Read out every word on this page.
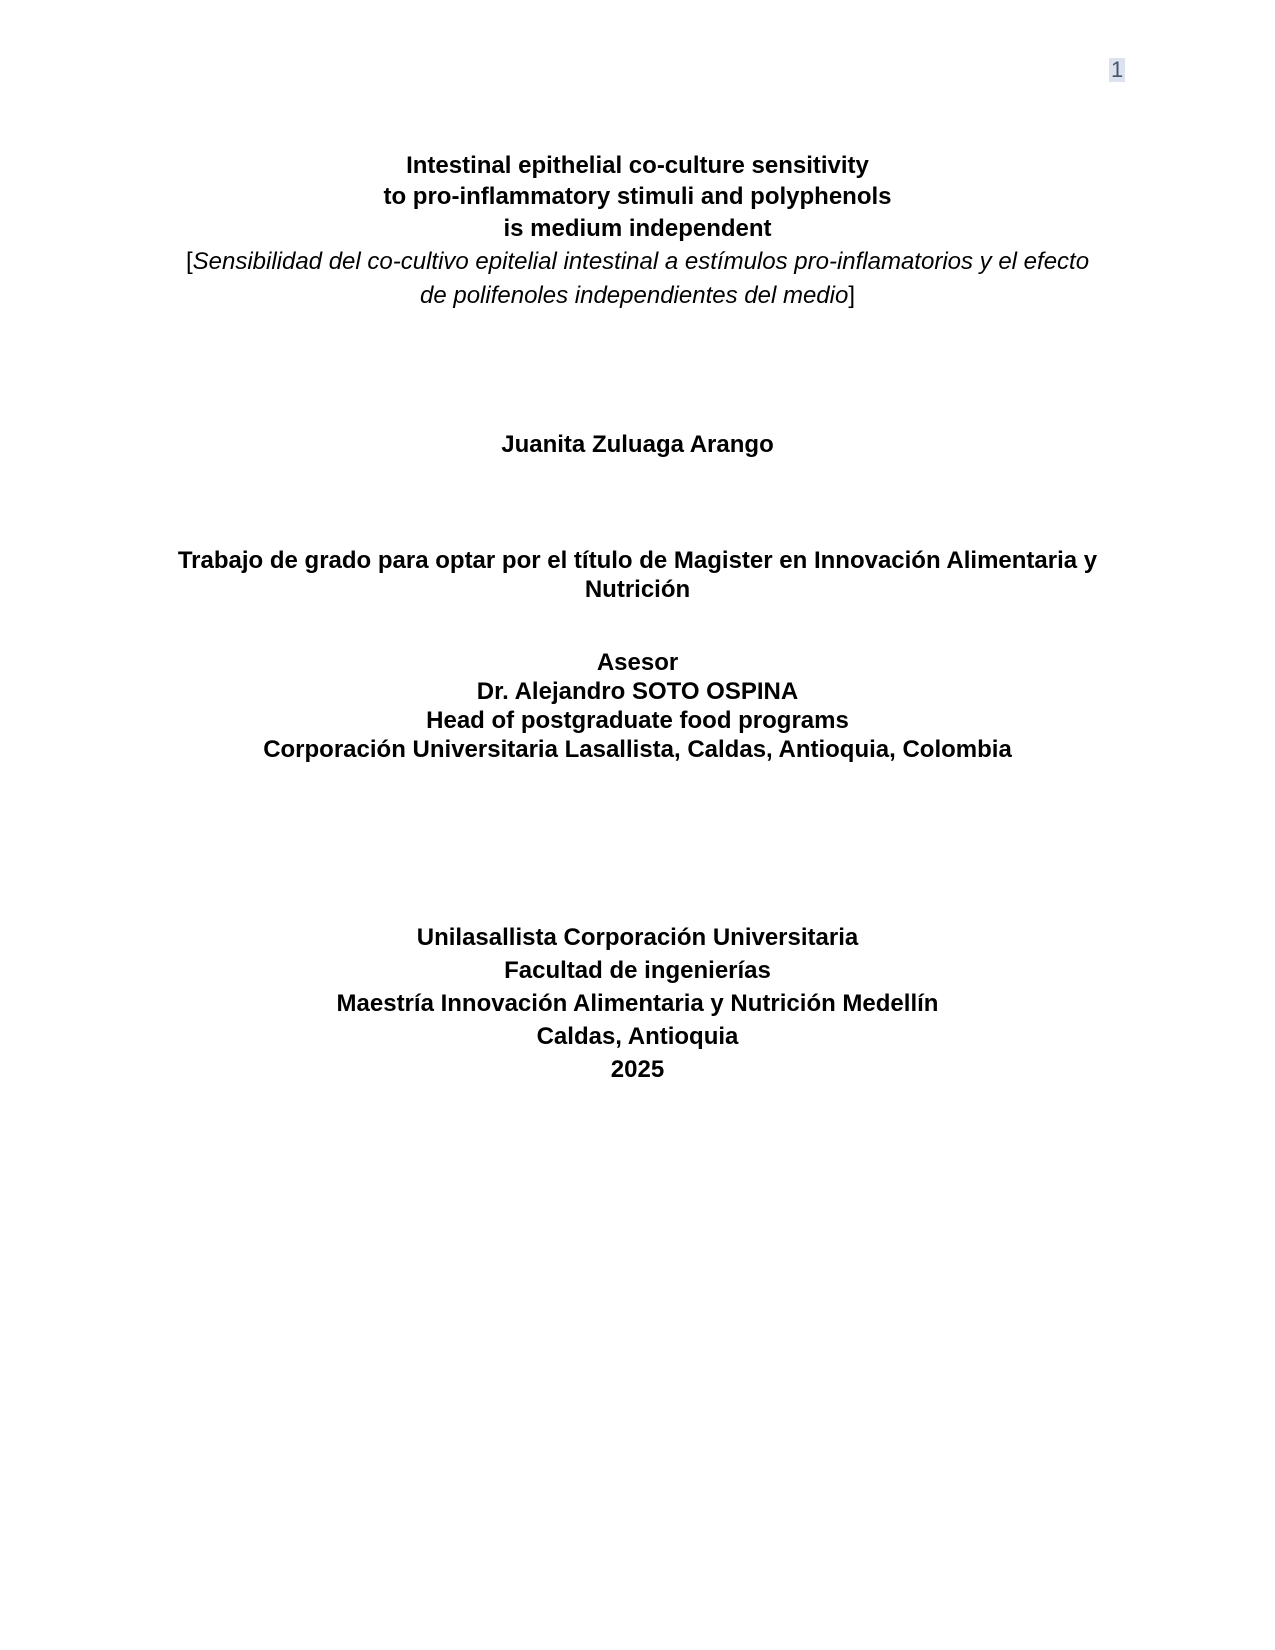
1
Intestinal epithelial co-culture sensitivity
to pro-inflammatory stimuli and polyphenols
is medium independent
[Sensibilidad del co-cultivo epitelial intestinal a estímulos pro-inflamatorios y el efecto
de polifenoles independientes del medio]
Juanita Zuluaga Arango
Trabajo de grado para optar por el título de Magister en Innovación Alimentaria y
Nutrición
Asesor
Dr. Alejandro SOTO OSPINA
Head of postgraduate food programs
Corporación Universitaria Lasallista, Caldas, Antioquia, Colombia
Unilasallista Corporación Universitaria
Facultad de ingenierías
Maestría Innovación Alimentaria y Nutrición Medellín
Caldas, Antioquia
2025
